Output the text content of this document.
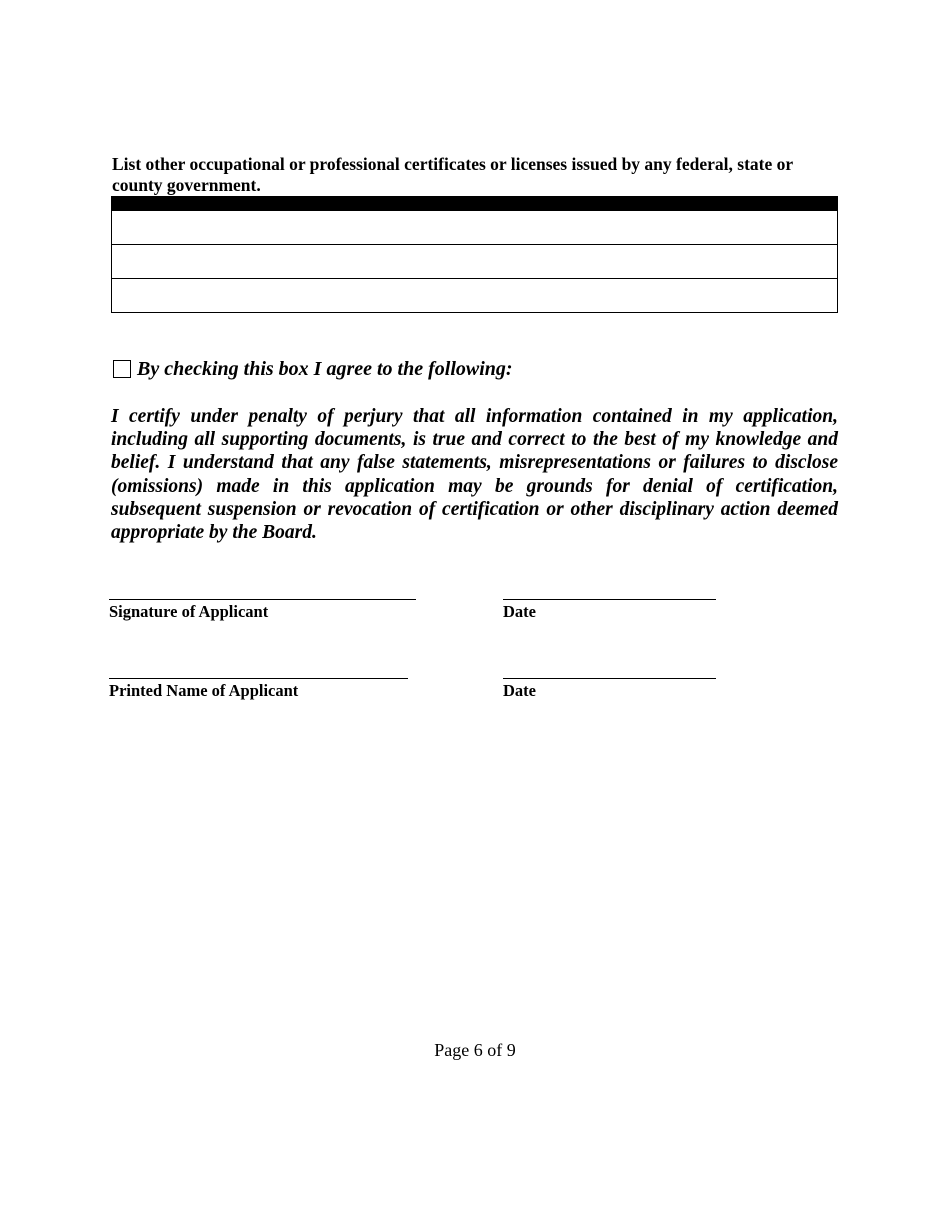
List other occupational or professional certificates or licenses issued by any federal, state or county government.

By checking this box I agree to the following:
I certify under penalty of perjury that all information contained in my application, including all supporting documents, is true and correct to the best of my knowledge and belief. I understand that any false statements, misrepresentations or failures to disclose (omissions) made in this application may be grounds for denial of certification, subsequent suspension or revocation of certification or other disciplinary action deemed appropriate by the Board.
Signature of Applicant	Date
Printed Name of Applicant	Date
Page 6 of 9
